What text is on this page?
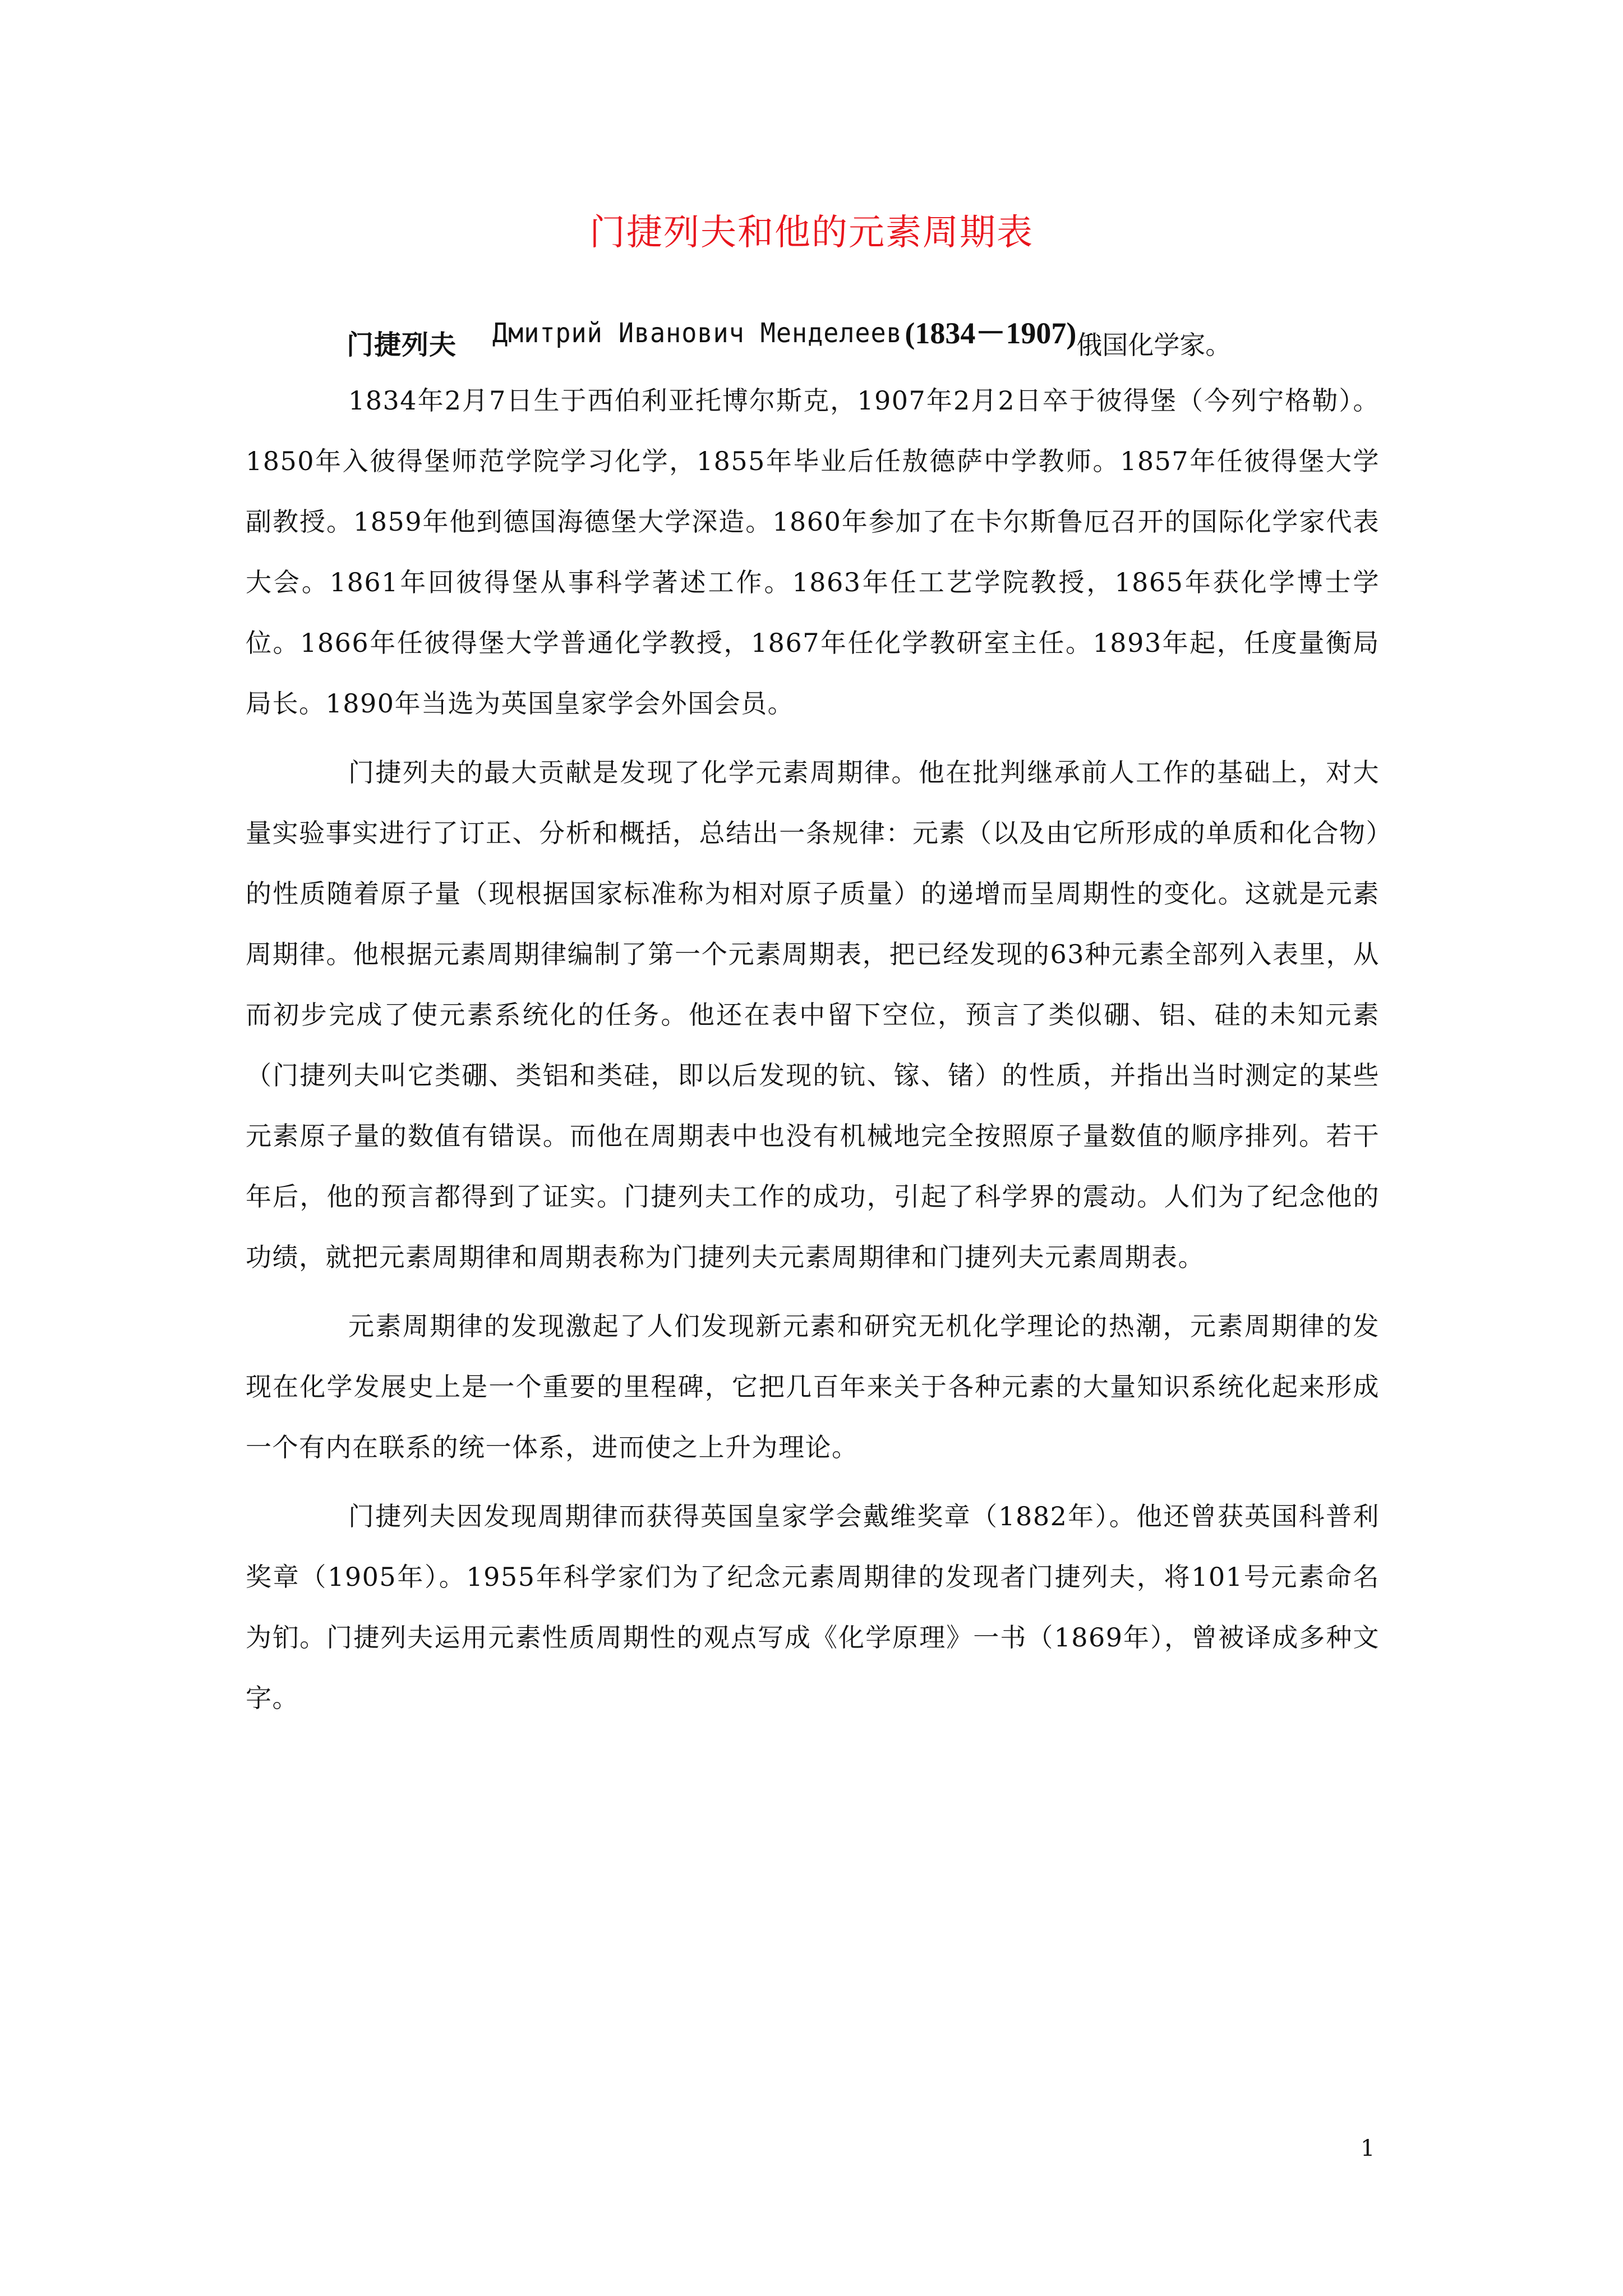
门捷列夫和他的元素周期表
门捷列夫 Дмитрий Иванович Менделеев (1834－1907) 俄国化学家。

1834年2月7日生于西伯利亚托博尔斯克，1907年2月2日卒于彼得堡（今列宁格勒）。1850年入彼得堡师范学院学习化学，1855年毕业后任敖德萨中学教师。1857年任彼得堡大学副教授。1859年他到德国海德堡大学深造。1860年参加了在卡尔斯鲁厄召开的国际化学家代表大会。1861年回彼得堡从事科学著述工作。1863年任工艺学院教授，1865年获化学博士学位。1866年任彼得堡大学普通化学教授，1867年任化学教研室主任。1893年起，任度量衡局局长。1890年当选为英国皇家学会外国会员。

门捷列夫的最大贡献是发现了化学元素周期律。他在批判继承前人工作的基础上，对大量实验事实进行了订正、分析和概括，总结出一条规律：元素（以及由它所形成的单质和化合物）的性质随着原子量（现根据国家标准称为相对原子质量）的递增而呈周期性的变化。这就是元素周期律。他根据元素周期律编制了第一个元素周期表，把已经发现的63种元素全部列入表里，从而初步完成了使元素系统化的任务。他还在表中留下空位，预言了类似硼、铝、硅的未知元素（门捷列夫叫它类硼、类铝和类硅，即以后发现的钪、镓、锗）的性质，并指出当时测定的某些元素原子量的数值有错误。而他在周期表中也没有机械地完全按照原子量数值的顺序排列。若干年后，他的预言都得到了证实。门捷列夫工作的成功，引起了科学界的震动。人们为了纪念他的功绩，就把元素周期律和周期表称为门捷列夫元素周期律和门捷列夫元素周期表。

元素周期律的发现激起了人们发现新元素和研究无机化学理论的热潮，元素周期律的发现在化学发展史上是一个重要的里程碑，它把几百年来关于各种元素的大量知识系统化起来形成一个有内在联系的统一体系，进而使之上升为理论。

门捷列夫因发现周期律而获得英国皇家学会戴维奖章（1882年）。他还曾获英国科普利奖章（1905年）。1955年科学家们为了纪念元素周期律的发现者门捷列夫，将101号元素命名为钔。门捷列夫运用元素性质周期性的观点写成《化学原理》一书（1869年），曾被译成多种文字。

1
